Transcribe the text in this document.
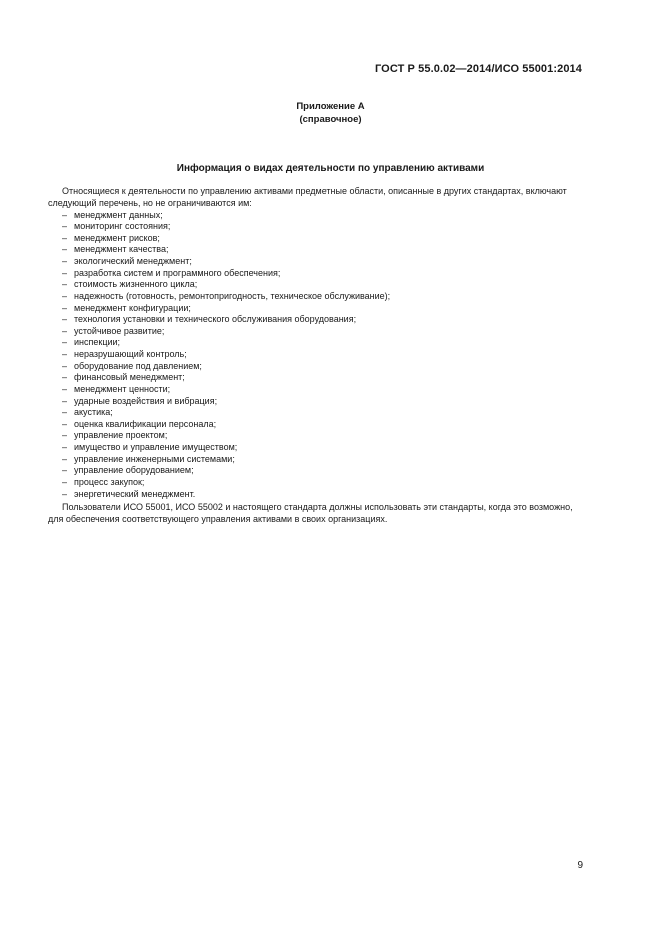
ГОСТ Р 55.0.02—2014/ИСО 55001:2014
Приложение А
(справочное)
Информация о видах деятельности по управлению активами

Относящиеся к деятельности по управлению активами предметные области, описанные в других стандартах, включают следующий перечень, но не ограничиваются им:

– менеджмент данных;
– мониторинг состояния;
– менеджмент рисков;
– менеджмент качества;
– экологический менеджмент;
– разработка систем и программного обеспечения;
– стоимость жизненного цикла;
– надежность (готовность, ремонтопригодность, техническое обслуживание);
– менеджмент конфигурации;
– технология установки и технического обслуживания оборудования;
– устойчивое развитие;
– инспекции;
– неразрушающий контроль;
– оборудование под давлением;
– финансовый менеджмент;
– менеджмент ценности;
– ударные воздействия и вибрация;
– акустика;
– оценка квалификации персонала;
– управление проектом;
– имущество и управление имуществом;
– управление инженерными системами;
– управление оборудованием;
– процесс закупок;
– энергетический менеджмент.

Пользователи ИСО 55001, ИСО 55002 и настоящего стандарта должны использовать эти стандарты, когда это возможно, для обеспечения соответствующего управления активами в своих организациях.

9
